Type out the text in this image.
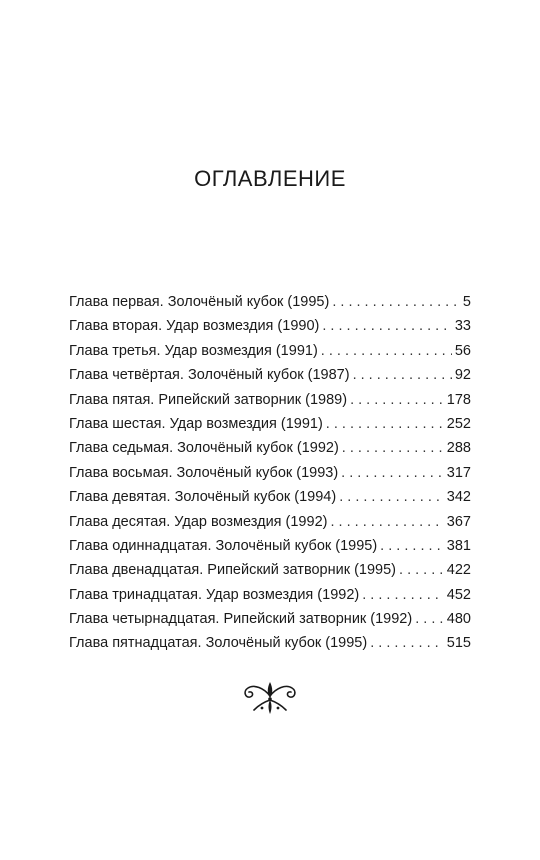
ОГЛАВЛЕНИЕ
Глава первая. Золочёный кубок (1995) . . .	5
Глава вторая. Удар возмездия (1990) . . .	33
Глава третья. Удар возмездия (1991) . . .	56
Глава четвёртая. Золочёный кубок (1987) . . .	92
Глава пятая. Рипейский затворник (1989) . . .	178
Глава шестая. Удар возмездия (1991) . . .	252
Глава седьмая. Золочёный кубок (1992) . . .	288
Глава восьмая. Золочёный кубок (1993) . . .	317
Глава девятая. Золочёный кубок (1994) . . .	342
Глава десятая. Удар возмездия (1992) . . .	367
Глава одиннадцатая. Золочёный кубок (1995) . . .	381
Глава двенадцатая. Рипейский затворник (1995) . . .	422
Глава тринадцатая. Удар возмездия (1992) . . .	452
Глава четырнадцатая. Рипейский затворник (1992) . . . 480
Глава пятнадцатая. Золочёный кубок (1995) . . .	515
